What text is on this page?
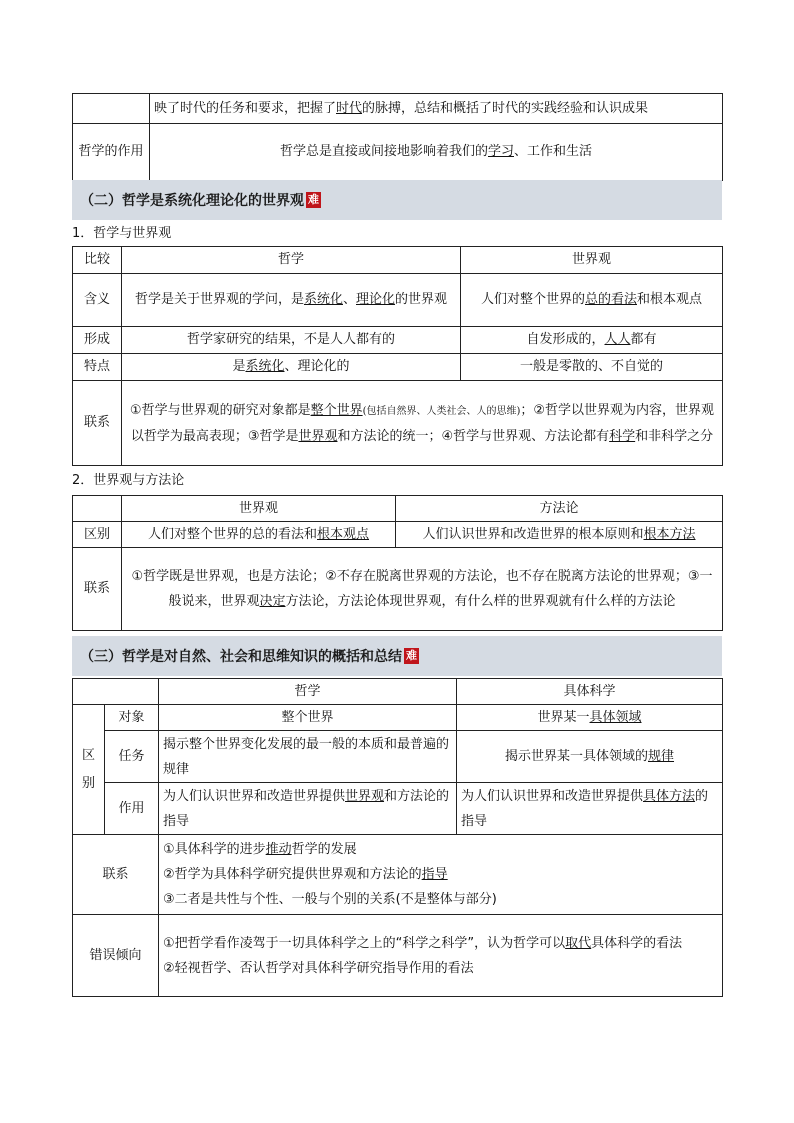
	映了时代的任务和要求，把握了时代的脉搏，总结和概括了时代的实践经验和认识成果
哲学的作用	哲学总是直接或间接地影响着我们的学习、工作和生活
（二）哲学是系统化理论化的世界观 难
1．哲学与世界观
比较	哲学	世界观
含义	哲学是关于世界观的学问，是系统化、理论化的世界观	人们对整个世界的总的看法和根本观点
形成	哲学家研究的结果，不是人人都有的	自发形成的，人人都有
特点	是系统化、理论化的	一般是零散的、不自觉的
联系	①哲学与世界观的研究对象都是整个世界(包括自然界、人类社会、人的思维)；②哲学以世界观为内容，世界观以哲学为最高表现；③哲学是世界观和方法论的统一；④哲学与世界观、方法论都有科学和非科学之分	
2．世界观与方法论
	世界观	方法论
区别	人们对整个世界的总的看法和根本观点	人们认识世界和改造世界的根本原则和根本方法
联系	①哲学既是世界观，也是方法论；②不存在脱离世界观的方法论，也不存在脱离方法论的世界观；③一般说来，世界观决定方法论，方法论体现世界观，有什么样的世界观就有什么样的方法论	
（三）哲学是对自然、社会和思维知识的概括和总结 难
		哲学	具体科学
区别	对象	整个世界	世界某一具体领域
	任务	揭示整个世界变化发展的最一般的本质和最普遍的规律	揭示世界某一具体领域的规律
	作用	为人们认识世界和改造世界提供世界观和方法论的指导	为人们认识世界和改造世界提供具体方法的指导
联系		①具体科学的进步推动哲学的发展
②哲学为具体科学研究提供世界观和方法论的指导
③二者是共性与个性、一般与个别的关系(不是整体与部分)	

错误倾向		①把哲学看作凌驾于一切具体科学之上的“科学之科学”，认为哲学可以取代具体科学的看法
②轻视哲学、否认哲学对具体科学研究指导作用的看法	
